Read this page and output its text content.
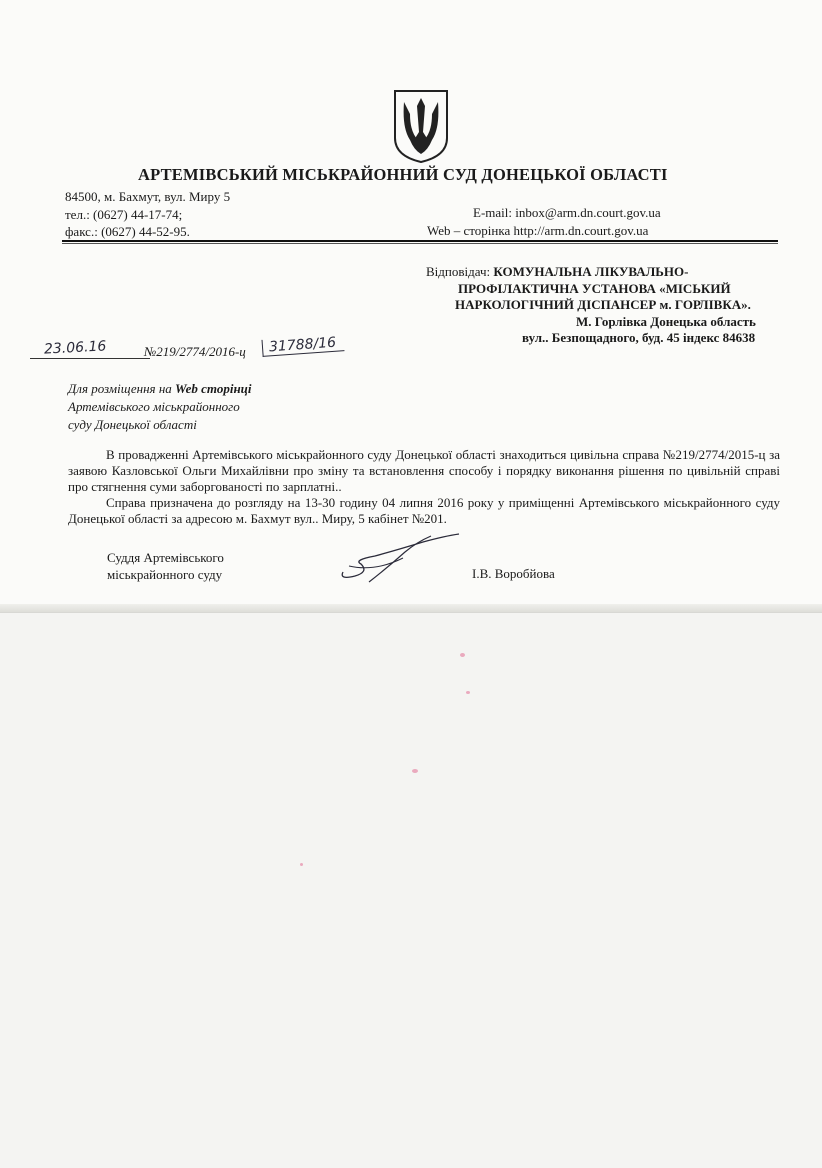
АРТЕМІВСЬКИЙ МІСЬКРАЙОННИЙ СУД ДОНЕЦЬКОЇ ОБЛАСТІ
84500, м. Бахмут, вул. Миру 5
тел.: (0627) 44-17-74;
факс.: (0627) 44-52-95.
E-mail: inbox@arm.dn.court.gov.ua
Web – сторінка http://arm.dn.court.gov.ua
Відповідач: КОМУНАЛЬНА ЛІКУВАЛЬНО-
ПРОФІЛАКТИЧНА УСТАНОВА «МІСЬКИЙ
НАРКОЛОГІЧНИЙ ДІСПАНСЕР м. ГОРЛІВКА».
М. Горлівка Донецька область
вул.. Безпощадного, буд. 45 індекс 84638
23.06.16	№219/2774/2016-ц	31788/16
Для розміщення на Web сторінці
Артемівського міськрайонного
суду Донецької області

В провадженні Артемівського міськрайонного суду Донецької області знаходиться цивільна справа №219/2774/2015-ц за заявою Казловської Ольги Михайлівни про зміну та встановлення способу і порядку виконання рішення по цивільній справі про стягнення суми заборгованості по зарплатні..

Справа призначена до розгляду на 13-30 годину 04 липня 2016 року у приміщенні Артемівського міськрайонного суду Донецької області за адресою м. Бахмут вул.. Миру, 5 кабінет №201.

Суддя Артемівського
міськрайонного суду	І.В. Воробйова
